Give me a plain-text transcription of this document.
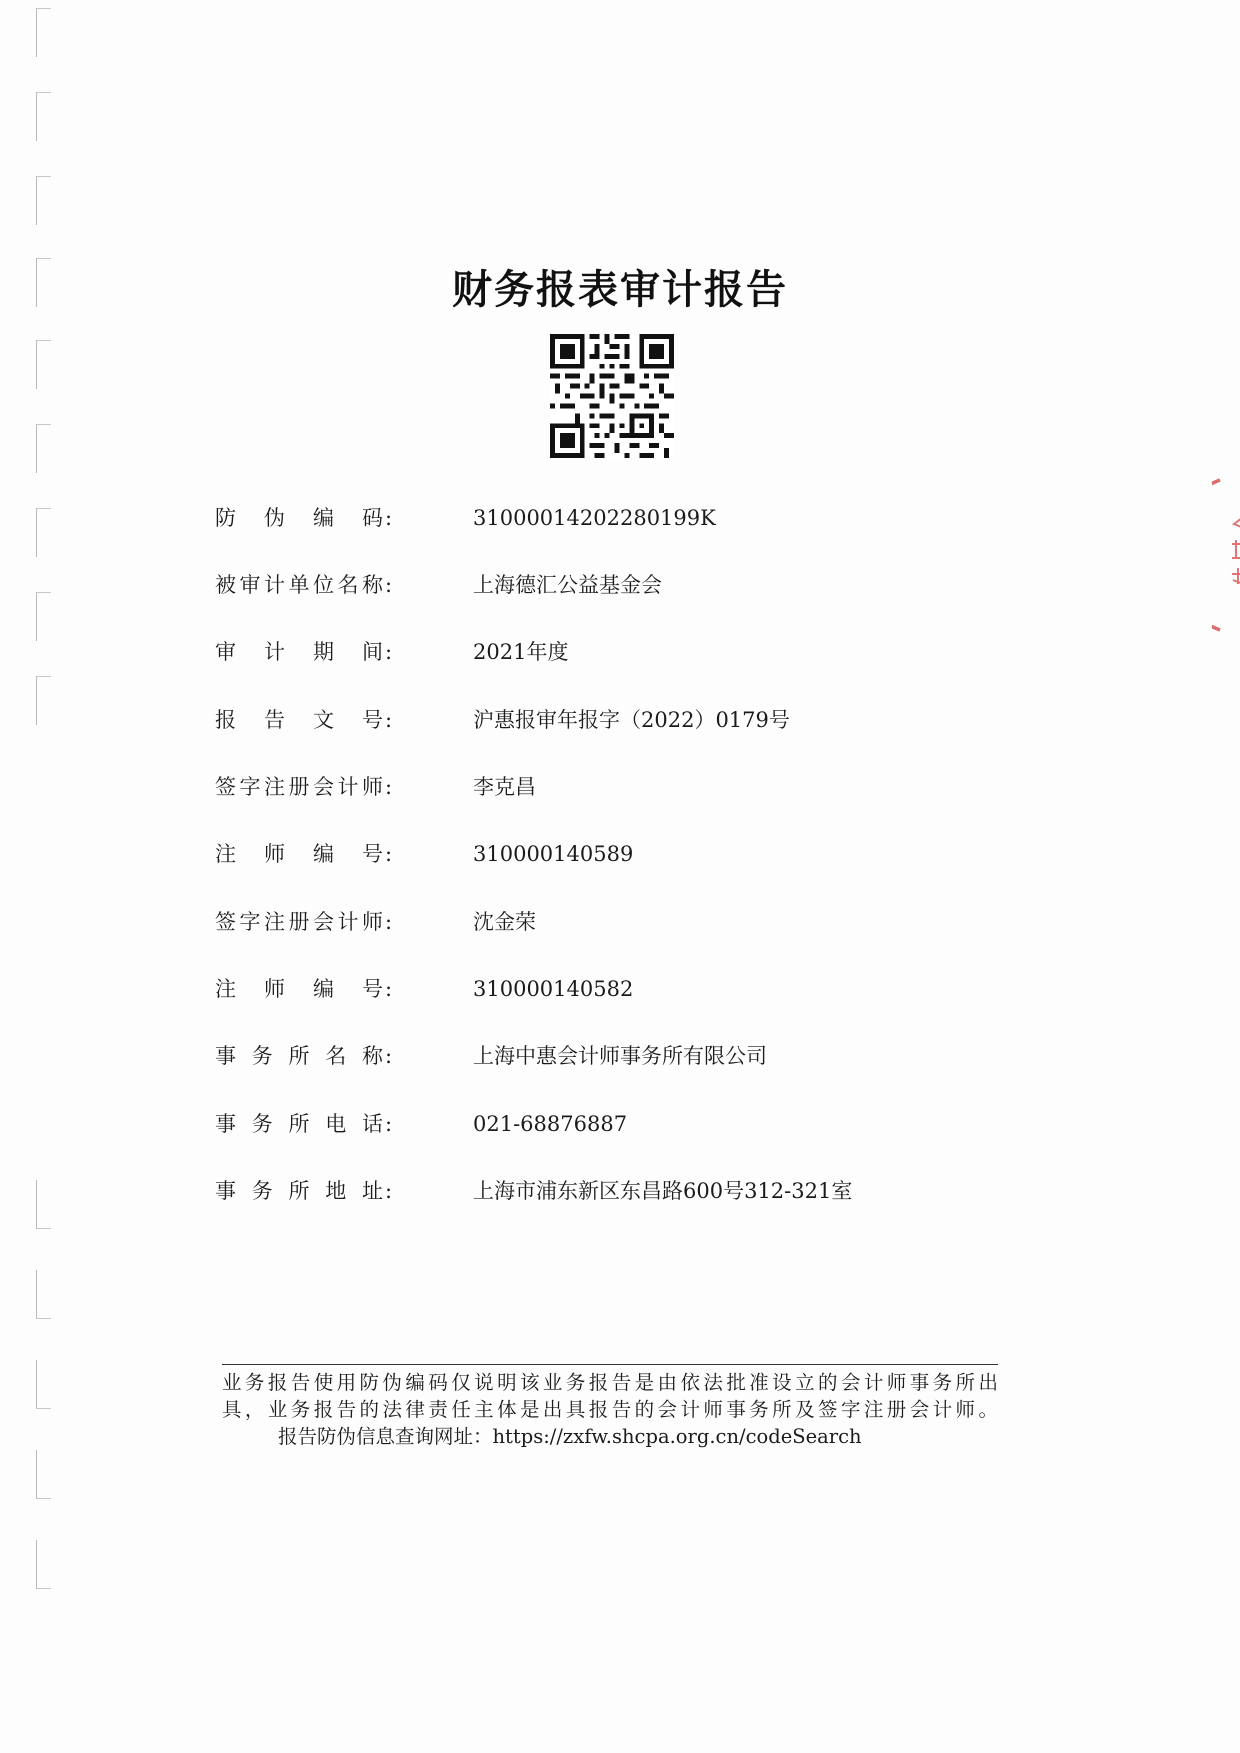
财务报表审计报告
防伪编码 :	31000014202280199K
被审计单位名称 :	上海德汇公益基金会
审计期间 :	2021年度
报告文号 :	沪惠报审年报字（2022）0179号
签字注册会计师 :	李克昌
注师编号 :	310000140589
签字注册会计师 :	沈金荣
注师编号 :	310000140582
事务所名称 :	上海中惠会计师事务所有限公司
事务所电话 :	021-68876887
事务所地址 :	上海市浦东新区东昌路600号312-321室

业务报告使用防伪编码仅说明该业务报告是由依法批准设立的会计师事务所出

具，业务报告的法律责任主体是出具报告的会计师事务所及签字注册会计师。

报告防伪信息查询网址：https://zxfw.shcpa.org.cn/codeSearch
